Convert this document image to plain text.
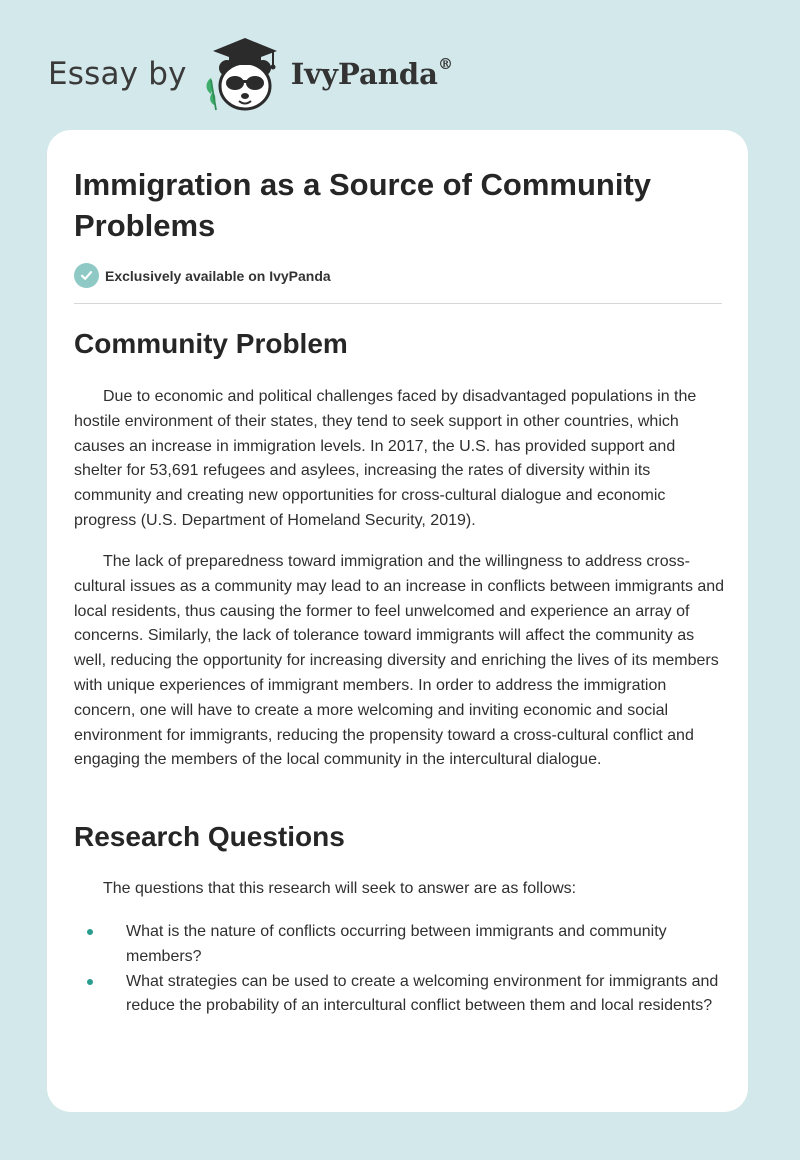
Essay by	IvyPanda®
Immigration as a Source of Community Problems
Exclusively available on IvyPanda
Community Problem

Due to economic and political challenges faced by disadvantaged populations in the hostile environment of their states, they tend to seek support in other countries, which causes an increase in immigration levels. In 2017, the U.S. has provided support and shelter for 53,691 refugees and asylees, increasing the rates of diversity within its community and creating new opportunities for cross-cultural dialogue and economic progress (U.S. Department of Homeland Security, 2019).

The lack of preparedness toward immigration and the willingness to address cross-cultural issues as a community may lead to an increase in conflicts between immigrants and local residents, thus causing the former to feel unwelcomed and experience an array of concerns. Similarly, the lack of tolerance toward immigrants will affect the community as well, reducing the opportunity for increasing diversity and enriching the lives of its members with unique experiences of immigrant members. In order to address the immigration concern, one will have to create a more welcoming and inviting economic and social environment for immigrants, reducing the propensity toward a cross-cultural conflict and engaging the members of the local community in the intercultural dialogue.

Research Questions

The questions that this research will seek to answer are as follows:

What is the nature of conflicts occurring between immigrants and community members?
What strategies can be used to create a welcoming environment for immigrants and reduce the probability of an intercultural conflict between them and local residents?
